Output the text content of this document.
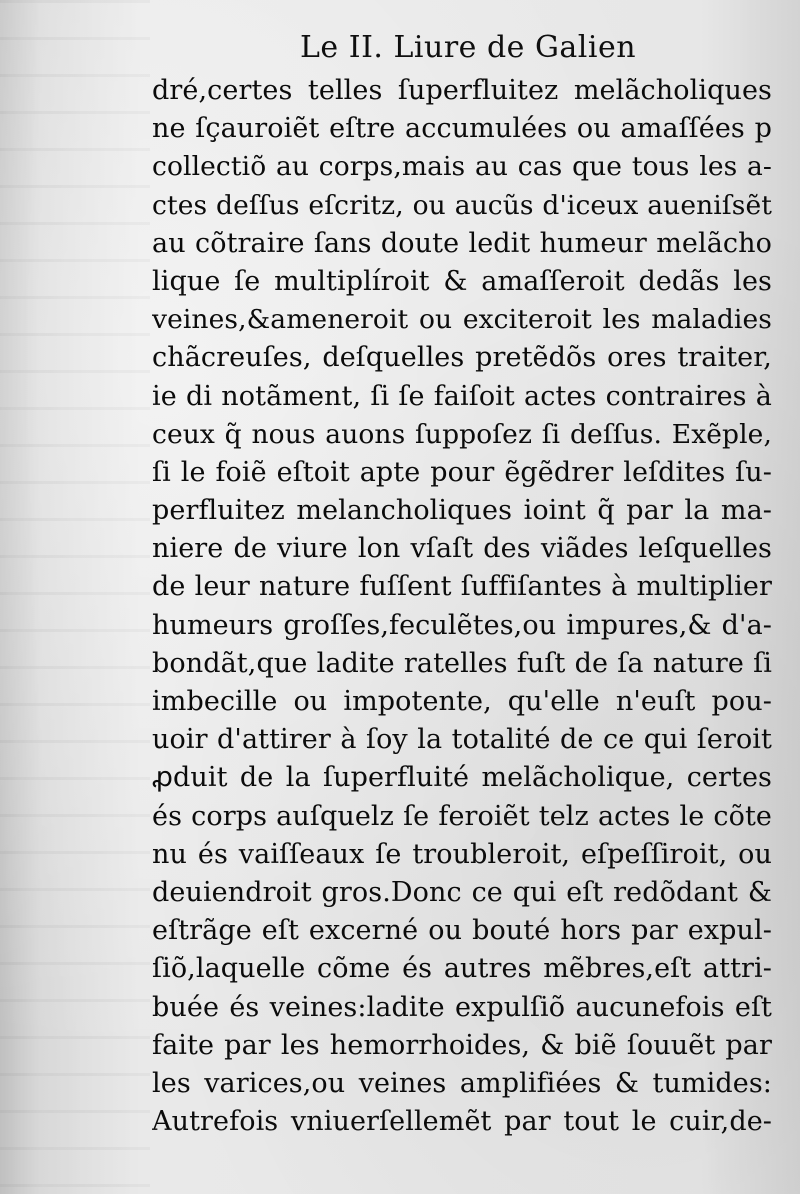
Le II. Liure de Galien
dré,certes telles ſuperfluitez melãcholiques
ne ſçauroiẽt eſtre accumulées ou amaſſées p
collectiõ au corps,mais au cas que tous les a-
ctes deſſus eſcritz, ou aucũs d'iceux aueniſsẽt
au cõtraire ſans doute ledit humeur melãcho
lique ſe multiplíroit & amaſſeroit dedãs les
veines,&ameneroit ou exciteroit les maladies
chãcreuſes, deſquelles pretẽdõs ores traiter,
ie di notãment, ſi ſe faiſoit actes contraires à
ceux q̃ nous auons ſuppoſez ſi deſſus. Exẽple,
ſi le foiẽ eſtoit apte pour ẽgẽdrer leſdites ſu-
perfluitez melancholiques ioint q̃ par la ma-
niere de viure lon vſaſt des viãdes leſquelles
de leur nature fuſſent ſuffiſantes à multiplier
humeurs groſſes,feculẽtes,ou impures,& d'a-
bondãt,que ladite ratelles fuſt de ſa nature ſi
imbecille ou impotente, qu'elle n'euſt pou-
uoir d'attirer à ſoy la totalité de ce qui ſeroit
ꝓduit de la ſuperfluité melãcholique, certes
és corps auſquelz ſe feroiẽt telz actes le cõte
nu és vaiſſeaux ſe troubleroit, eſpeſſiroit, ou
deuiendroit gros.Donc ce qui eſt redõdant &
eſtrãge eſt excerné ou bouté hors par expul-
ſiõ,laquelle cõme és autres mẽbres,eſt attri-
buée és veines:ladite expulſiõ aucunefois eſt
faite par les hemorrhoides, & biẽ ſouuẽt par
les varices,ou veines amplifiées & tumides:
Autrefois vniuerſellemẽt par tout le cuir,de-
